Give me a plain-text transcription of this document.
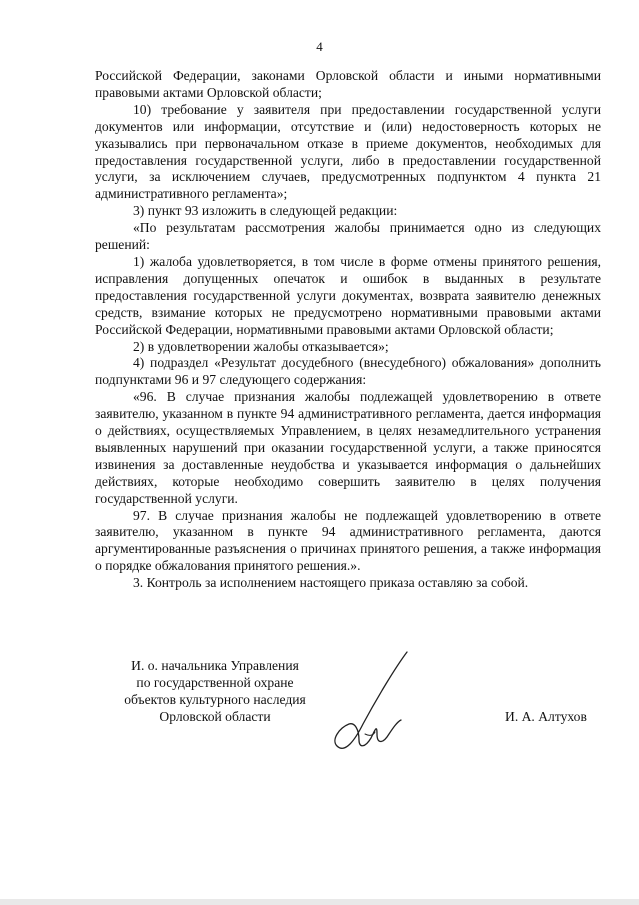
4

Российской Федерации, законами Орловской области и иными нормативными правовыми актами Орловской области;

10) требование у заявителя при предоставлении государственной услуги документов или информации, отсутствие и (или) недостоверность которых не указывались при первоначальном отказе в приеме документов, необходимых для предоставления государственной услуги, либо в предоставлении государственной услуги, за исключением случаев, предусмотренных подпунктом 4 пункта 21 административного регламента»;

3) пункт 93 изложить в следующей редакции:

«По результатам рассмотрения жалобы принимается одно из следующих решений:

1) жалоба удовлетворяется, в том числе в форме отмены принятого решения, исправления допущенных опечаток и ошибок в выданных в результате предоставления государственной услуги документах, возврата заявителю денежных средств, взимание которых не предусмотрено нормативными правовыми актами Российской Федерации, нормативными правовыми актами Орловской области;

2) в удовлетворении жалобы отказывается»;

4) подраздел «Результат досудебного (внесудебного) обжалования» дополнить подпунктами 96 и 97 следующего содержания:

«96. В случае признания жалобы подлежащей удовлетворению в ответе заявителю, указанном в пункте 94 административного регламента, дается информация о действиях, осуществляемых Управлением, в целях незамедлительного устранения выявленных нарушений при оказании государственной услуги, а также приносятся извинения за доставленные неудобства и указывается информация о дальнейших действиях, которые необходимо совершить заявителю в целях получения государственной услуги.

97. В случае признания жалобы не подлежащей удовлетворению в ответе заявителю, указанном в пункте 94 административного регламента, даются аргументированные разъяснения о причинах принятого решения, а также информация о порядке обжалования принятого решения.».

3. Контроль за исполнением настоящего приказа оставляю за собой.

И. о. начальника Управления
по государственной охране
объектов культурного наследия
Орловской области	И. А. Алтухов
